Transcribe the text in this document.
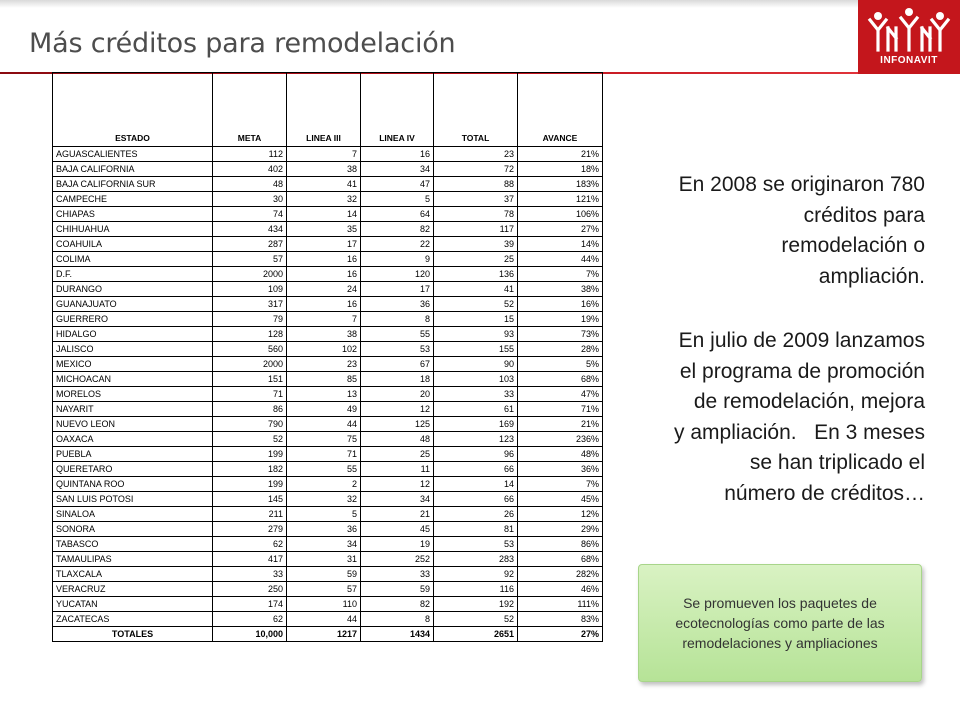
Más créditos para remodelación
INFONAVIT
ESTADO	META	LINEA III	LINEA IV	TOTAL	AVANCE
AGUASCALIENTES	112	7	16	23	21%
BAJA CALIFORNIA	402	38	34	72	18%
BAJA CALIFORNIA SUR	48	41	47	88	183%
CAMPECHE	30	32	5	37	121%
CHIAPAS	74	14	64	78	106%
CHIHUAHUA	434	35	82	117	27%
COAHUILA	287	17	22	39	14%
COLIMA	57	16	9	25	44%
D.F.	2000	16	120	136	7%
DURANGO	109	24	17	41	38%
GUANAJUATO	317	16	36	52	16%
GUERRERO	79	7	8	15	19%
HIDALGO	128	38	55	93	73%
JALISCO	560	102	53	155	28%
MEXICO	2000	23	67	90	5%
MICHOACAN	151	85	18	103	68%
MORELOS	71	13	20	33	47%
NAYARIT	86	49	12	61	71%
NUEVO LEON	790	44	125	169	21%
OAXACA	52	75	48	123	236%
PUEBLA	199	71	25	96	48%
QUERETARO	182	55	11	66	36%
QUINTANA ROO	199	2	12	14	7%
SAN LUIS POTOSI	145	32	34	66	45%
SINALOA	211	5	21	26	12%
SONORA	279	36	45	81	29%
TABASCO	62	34	19	53	86%
TAMAULIPAS	417	31	252	283	68%
TLAXCALA	33	59	33	92	282%
VERACRUZ	250	57	59	116	46%
YUCATAN	174	110	82	192	111%
ZACATECAS	62	44	8	52	83%
TOTALES	10,000	1217	1434	2651	27%
En 2008 se originaron 780
créditos para
remodelación o
ampliación.
En julio de 2009 lanzamos
el programa de promoción
de remodelación, mejora
y ampliación.   En 3 meses
se han triplicado el
número de créditos…
Se promueven los paquetes de
ecotecnologías como parte de las
remodelaciones y ampliaciones
